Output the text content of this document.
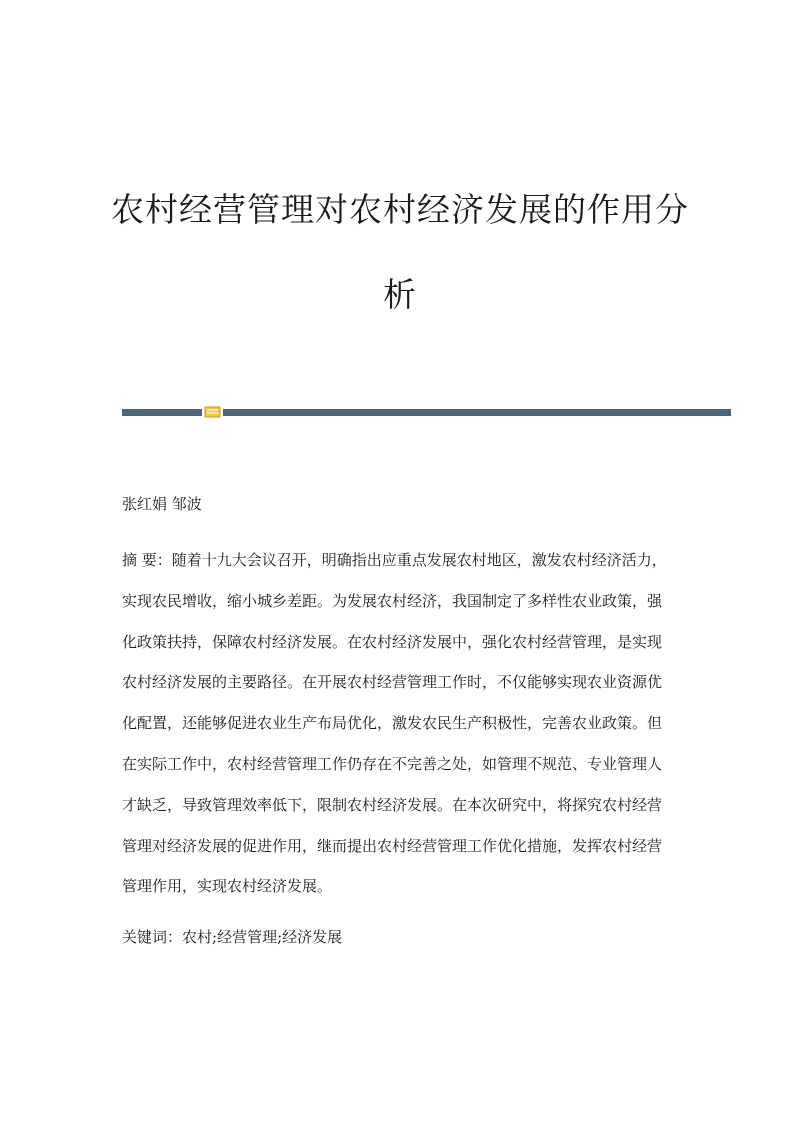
农村经营管理对农村经济发展的作用分
析
张红娟 邹波
摘 要：随着十九大会议召开，明确指出应重点发展农村地区，激发农村经济活力，实现农民增收，缩小城乡差距。为发展农村经济，我国制定了多样性农业政策，强化政策扶持，保障农村经济发展。在农村经济发展中，强化农村经营管理，是实现农村经济发展的主要路径。在开展农村经营管理工作时，不仅能够实现农业资源优化配置，还能够促进农业生产布局优化，激发农民生产积极性，完善农业政策。但在实际工作中，农村经营管理工作仍存在不完善之处，如管理不规范、专业管理人才缺乏，导致管理效率低下，限制农村经济发展。在本次研究中，将探究农村经营管理对经济发展的促进作用，继而提出农村经营管理工作优化措施，发挥农村经营管理作用，实现农村经济发展。
关键词：农村;经营管理;经济发展
